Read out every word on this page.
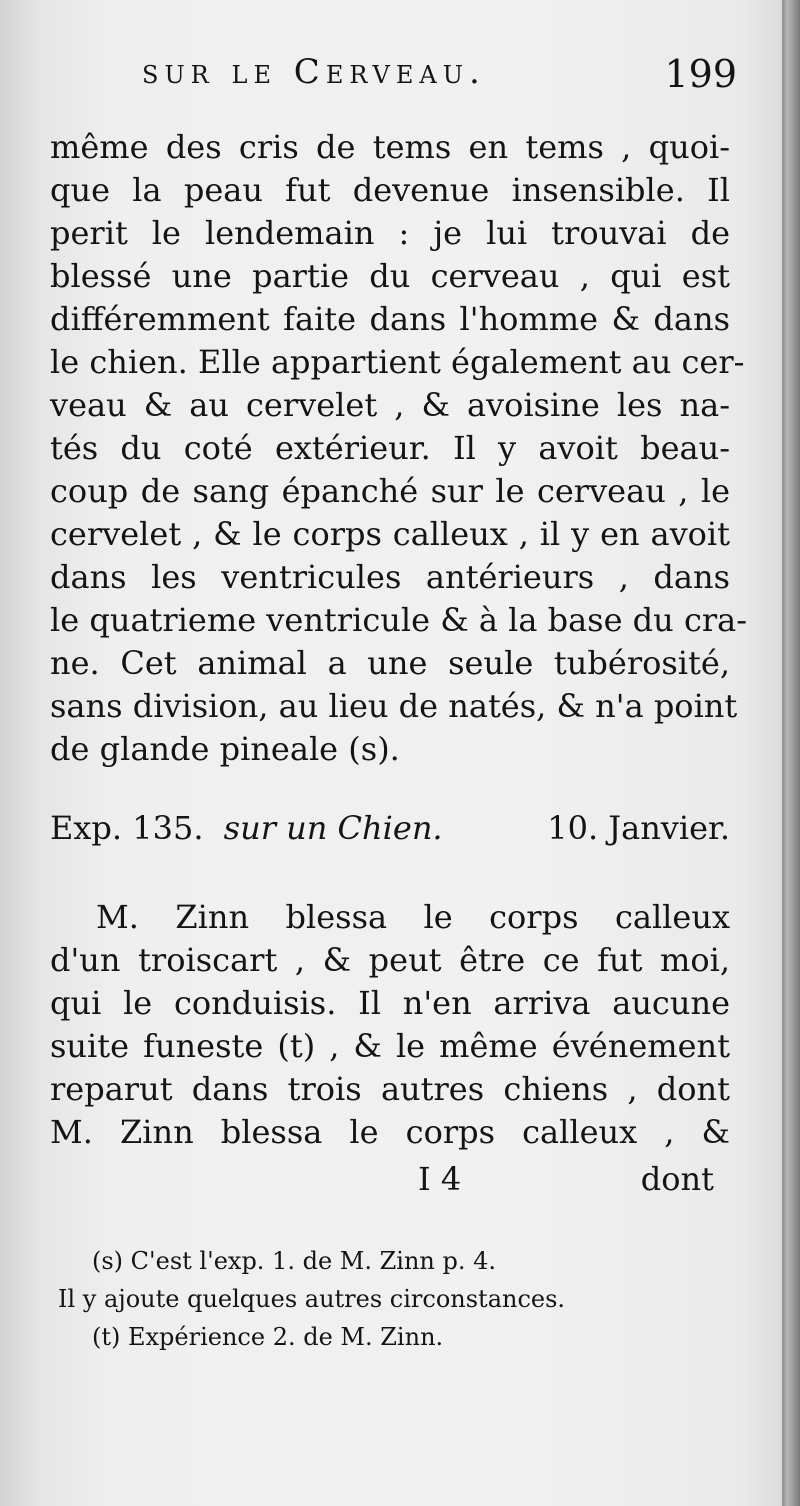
sur le Cerveau.	199
même des cris de tems en tems , quoi-
que la peau fut devenue insensible. Il
perit le lendemain : je lui trouvai de
blessé une partie du cerveau , qui est
différemment faite dans l'homme & dans
le chien. Elle appartient également au cer-
veau & au cervelet , & avoisine les na-
tés du coté extérieur. Il y avoit beau-
coup de sang épanché sur le cerveau , le
cervelet , & le corps calleux , il y en avoit
dans les ventricules antérieurs , dans
le quatrieme ventricule & à la base du cra-
ne. Cet animal a une seule tubérosité,
sans division, au lieu de natés, & n'a point
de glande pineale (s).
Exp. 135. sur un Chien.	10. Janvier.
M. Zinn blessa le corps calleux
d'un troiscart , & peut être ce fut moi,
qui le conduisis. Il n'en arriva aucune
suite funeste (t) , & le même événement
reparut dans trois autres chiens , dont
M. Zinn blessa le corps calleux , &
I 4	dont
(s) C'est l'exp. 1. de M. Zinn p. 4.
Il y ajoute quelques autres circonstances.
(t) Expérience 2. de M. Zinn.
